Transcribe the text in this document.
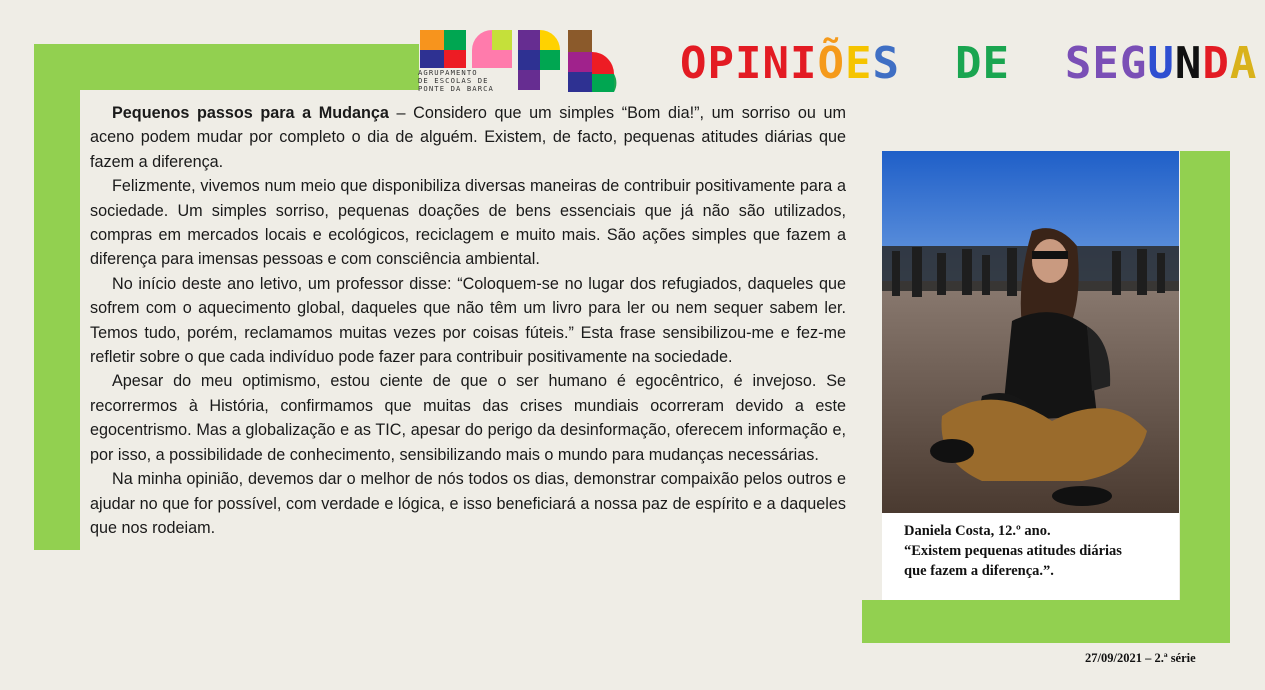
AGRUPAMENTO
DE ESCOLAS DE
PONTE DA BARCA	OPINIÕES DE SEGUNDA

Pequenos passos para a Mudança – Considero que um simples “Bom dia!”, um sorriso ou um aceno podem mudar por completo o dia de alguém. Existem, de facto, pequenas atitudes diárias que fazem a diferença.

Felizmente, vivemos num meio que disponibiliza diversas maneiras de contribuir positivamente para a sociedade. Um simples sorriso, pequenas doações de bens essenciais que já não são utilizados, compras em mercados locais e ecológicos, reciclagem e muito mais. São ações simples que fazem a diferença para imensas pessoas e com consciência ambiental.

No início deste ano letivo, um professor disse: “Coloquem-se no lugar dos refugiados, daqueles que sofrem com o aquecimento global, daqueles que não têm um livro para ler ou nem sequer sabem ler. Temos tudo, porém, reclamamos muitas vezes por coisas fúteis.” Esta frase sensibilizou-me e fez-me refletir sobre o que cada indivíduo pode fazer para contribuir positivamente na sociedade.

Apesar do meu optimismo, estou ciente de que o ser humano é egocêntrico, é invejoso. Se recorrermos à História, confirmamos que muitas das crises mundiais ocorreram devido a este egocentrismo. Mas a globalização e as TIC, apesar do perigo da desinformação, oferecem informação e, por isso, a possibilidade de conhecimento, sensibilizando mais o mundo para mudanças necessárias.

Na minha opinião, devemos dar o melhor de nós todos os dias, demonstrar compaixão pelos outros e ajudar no que for possível, com verdade e lógica, e isso beneficiará a nossa paz de espírito e a daqueles que nos rodeiam.	Daniela Costa, 12.º ano.
“Existem pequenas atitudes diárias
que fazem a diferença.”.
27/09/2021 – 2.ª série
